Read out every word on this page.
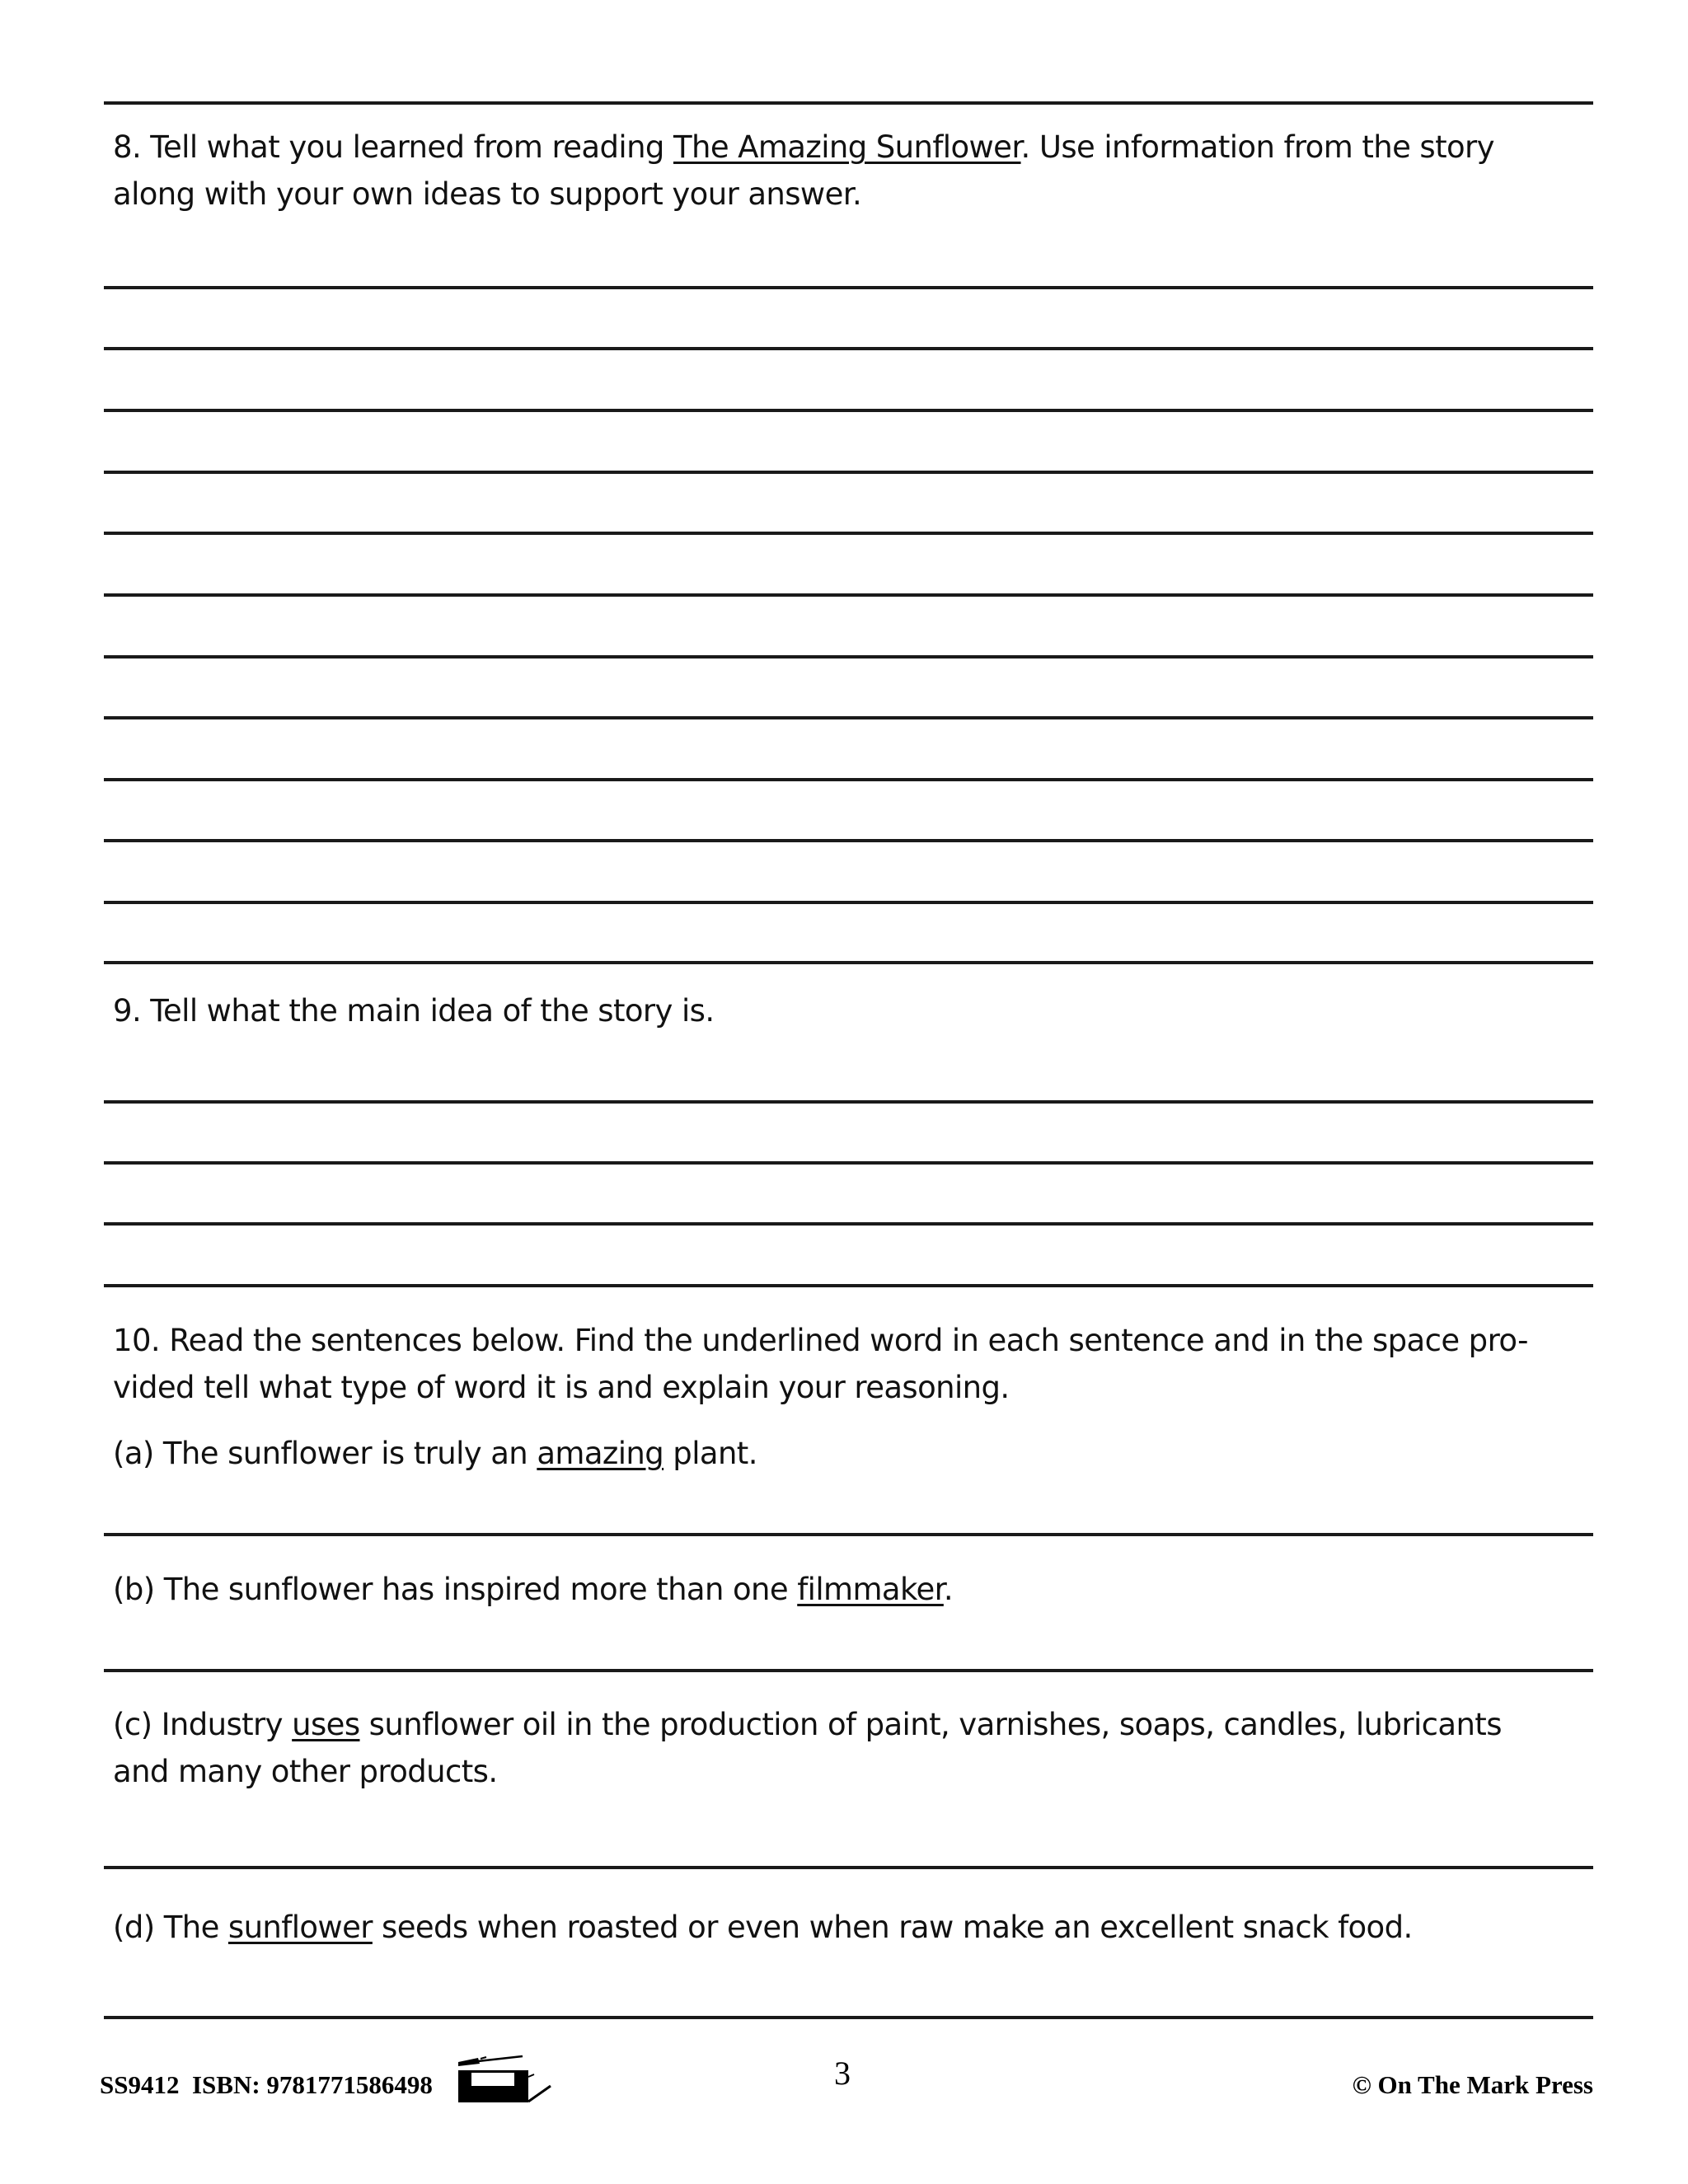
8. Tell what you learned from reading The Amazing Sunflower. Use information from the story
along with your own ideas to support your answer.
9. Tell what the main idea of the story is.
10. Read the sentences below. Find the underlined word in each sentence and in the space pro-
vided tell what type of word it is and explain your reasoning.
(a) The sunflower is truly an amazing plant.
(b) The sunflower has inspired more than one filmmaker.
(c) Industry uses sunflower oil in the production of paint, varnishes, soaps, candles, lubricants
and many other products.
(d) The sunflower seeds when roasted or even when raw make an excellent snack food.
SS9412  ISBN: 9781771586498	3	© On The Mark Press
